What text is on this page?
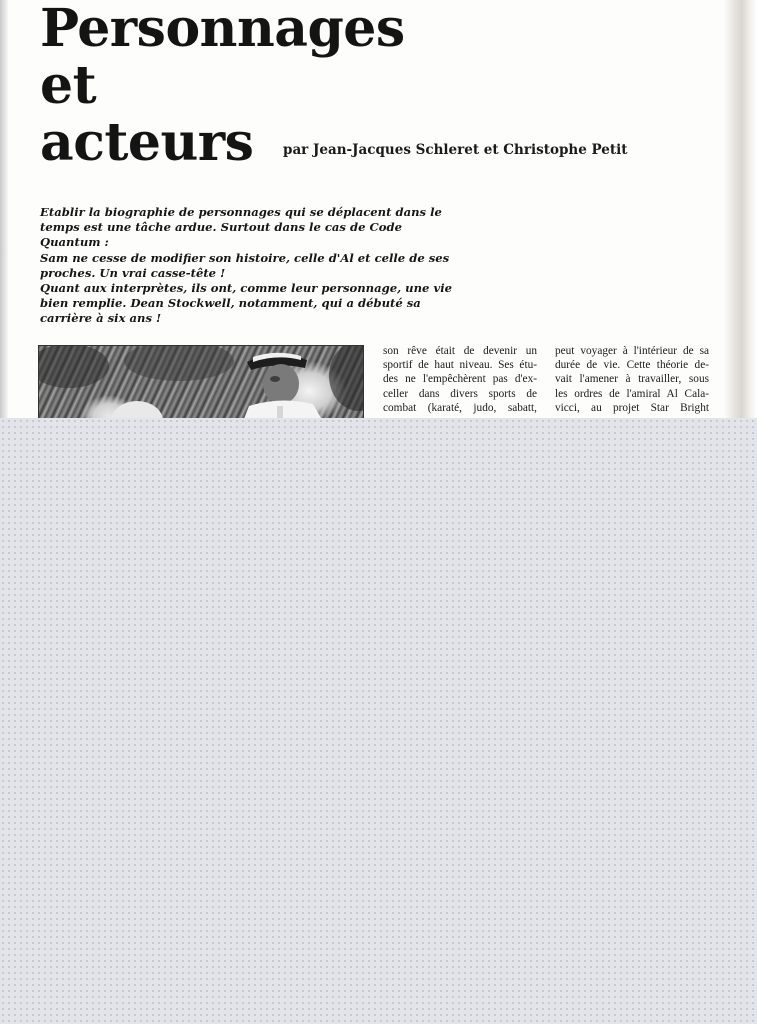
Personnages
et
acteurs	par Jean-Jacques Schleret et Christophe Petit

Etablir la biographie de personnages qui se déplacent dans le

temps est une tâche ardue. Surtout dans le cas de Code Quantum :

Sam ne cesse de modifier son histoire, celle d'Al et celle de ses

proches. Un vrai casse-tête !

Quant aux interprètes, ils ont, comme leur personnage, une vie

bien remplie. Dean Stockwell, notamment, qui a débuté sa

carrière à six ans !

son rêve était de devenir un
sportif de haut niveau. Ses étu-
des ne l'empêchèrent pas d'ex-
celler dans divers sports de
combat (karaté, judo, sabatt,
peut voyager à l'intérieur de sa
durée de vie. Cette théorie de-
vait l'amener à travailler, sous
les ordres de l'amiral Al Cala-
vicci, au projet Star Bright
